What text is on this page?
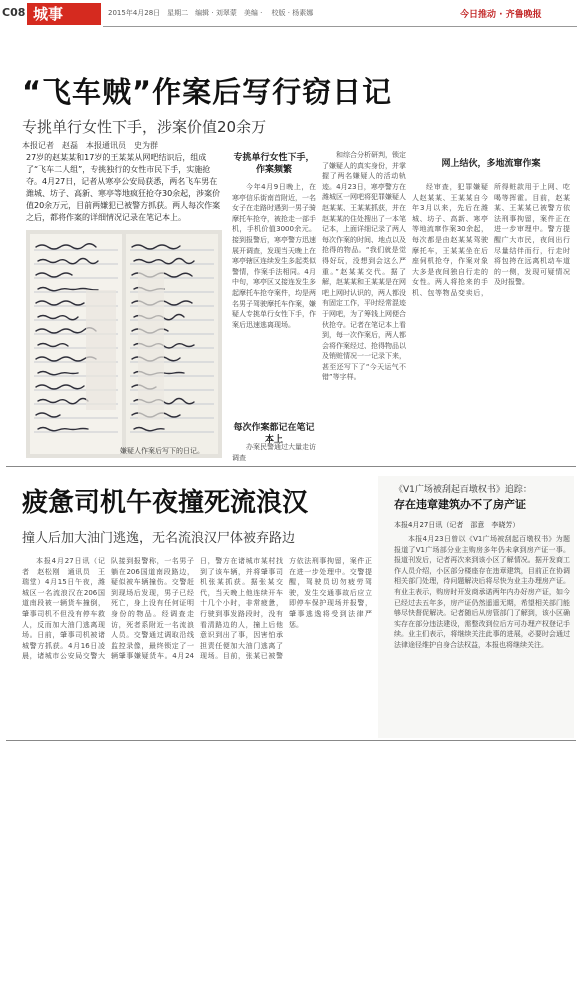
C08 城事	2015年4月28日　星期二　编辑 · 刘翠蒙　美编 · 　校版 · 杨素娜	今日推动 · 齐鲁晚报
“飞车贼”作案后写行窃日记
专挑单行女性下手，涉案价值20余万
本报记者　赵磊　本报通讯员　史为群
27岁的赵某某和17岁的王某某从网吧结识后，组成了“飞车二人组”，专挑独行的女性市民下手，实施抢夺。4月27日，记者从寒亭公安局获悉，两名飞车男在潍城、坊子、高新、寒亭等地疯狂抢夺30余起，涉案价值20余万元，目前两嫌犯已被警方抓获。两人每次作案之后，都将作案的详细情况记录在笔记本上。
嫌疑人作案后写下的日记。
专挑单行女性下手，作案频繁

今年4月9日晚上，在寒亭信乐街南首附近，一名女子在走路时遇到一男子骑摩托车抢夺，被抢走一部手机，手机价值3000余元。接到报警后，寒亭警方迅速展开调查，发现当天晚上在寒亭辖区连续发生多起类似警情，作案手法相同。4月中旬，寒亭区又接连发生多起摩托车抢夺案件，均是两名男子驾驶摩托车作案，嫌疑人专挑单行女性下手，作案后迅速逃离现场。

每次作案都记在笔记本上

办案民警通过大量走访调查

和综合分析研判，锁定了嫌疑人的真实身份，并掌握了两名嫌疑人的活动轨迹。4月23日，寒亭警方在潍城区一网吧将犯罪嫌疑人赵某某、王某某抓获，并在赵某某的住处搜出了一本笔记本，上面详细记录了两人每次作案的时间、地点以及抢得的物品。“我们就是觉得好玩，没想到会这么严重。”赵某某交代。据了解，赵某某和王某某是在网吧上网时认识的，两人都没有固定工作，平时经常混迹于网吧，为了筹钱上网便合伙抢夺。记者在笔记本上看到，每一次作案后，两人都会将作案经过、抢得物品以及销赃情况一一记录下来，甚至还写下了“今天运气不错”等字样。

网上结伙，多地流窜作案

经审查，犯罪嫌疑人赵某某、王某某自今年3月以来，先后在潍城、坊子、高新、寒亭等地流窜作案30余起，每次都是由赵某某驾驶摩托车，王某某坐在后座伺机抢夺，作案对象大多是夜间独自行走的女性。两人将抢来的手机、包等物品变卖后，所得赃款用于上网、吃喝等挥霍。目前，赵某某、王某某已被警方依法刑事拘留，案件正在进一步审理中。警方提醒广大市民，夜间出行尽量结伴而行，行走时将包挎在远离机动车道的一侧，发现可疑情况及时报警。

疲惫司机午夜撞死流浪汉
撞人后加大油门逃逸，无名流浪汉尸体被弃路边

本报4月27日讯（记者　赵松刚　通讯员　王瑞堂）4月15日午夜，潍城区一名流浪汉在206国道南段被一辆货车撞倒，肇事司机不但没有停车救人，反而加大油门逃离现场。日前，肇事司机被诸城警方抓获。4月16日凌晨，诸城市公安局交警大队接到报警称，一名男子躺在206国道南段路边，疑似被车辆撞伤。交警赶到现场后发现，男子已经死亡，身上没有任何证明身份的物品。经调查走访，死者系附近一名流浪人员。交警通过调取沿线监控录像，最终锁定了一辆肇事嫌疑货车。4月24日，警方在诸城市某村找到了该车辆，并将肇事司机张某抓获。据张某交代，当天晚上他连续开车十几个小时，非常疲惫，行驶到事发路段时，没有看清路边的人，撞上后他意识到出了事，因害怕承担责任便加大油门逃离了现场。目前，张某已被警方依法刑事拘留，案件正在进一步处理中。交警提醒，驾驶员切勿疲劳驾驶，发生交通事故后应立即停车保护现场并报警，肇事逃逸将受到法律严惩。

《V1广场被刮起百墩权书》追踪：
存在违章建筑办不了房产证
本报4月27日讯（记者　邵意　李晓芳）

本报4月23日曾以《V1广场被刮起百墩权书》为题报道了V1广场部分业主购房多年仍未拿到房产证一事。报道刊发后，记者再次来到该小区了解情况。据开发商工作人员介绍，小区部分楼座存在违章建筑，目前正在协调相关部门处理，待问题解决后将尽快为业主办理房产证。有业主表示，购房时开发商承诺两年内办好房产证，如今已经过去五年多，房产证仍然遥遥无期，希望相关部门能够尽快督促解决。记者随后从房管部门了解到，该小区确实存在部分违法建设，需整改到位后方可办理产权登记手续。业主们表示，将继续关注此事的进展，必要时会通过法律途径维护自身合法权益，本报也将继续关注。
